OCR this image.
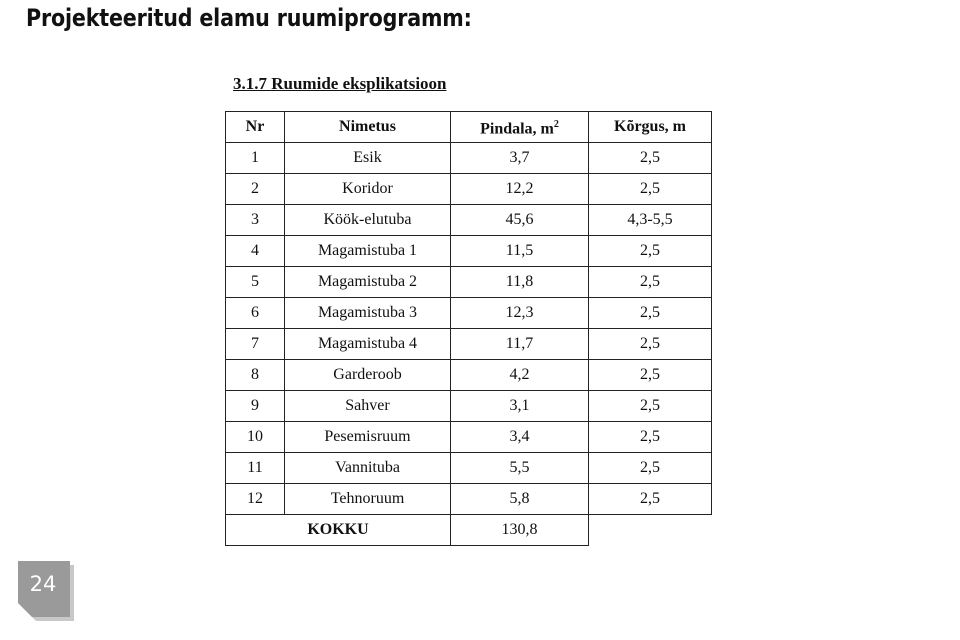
Projekteeritud elamu ruumiprogramm:
3.1.7 Ruumide eksplikatsioon
Nr	Nimetus	Pindala, $m^2$	Kõrgus, m
1	Esik	3,7	2,5
2	Koridor	12,2	2,5
3	Köök-elutuba	45,6	4,3-5,5
4	Magamistuba 1	11,5	2,5
5	Magamistuba 2	11,8	2,5
6	Magamistuba 3	12,3	2,5
7	Magamistuba 4	11,7	2,5
8	Garderoob	4,2	2,5
9	Sahver	3,1	2,5
10	Pesemisruum	3,4	2,5
11	Vannituba	5,5	2,5
12	Tehnoruum	5,8	2,5
KOKKU		130,8	
24
